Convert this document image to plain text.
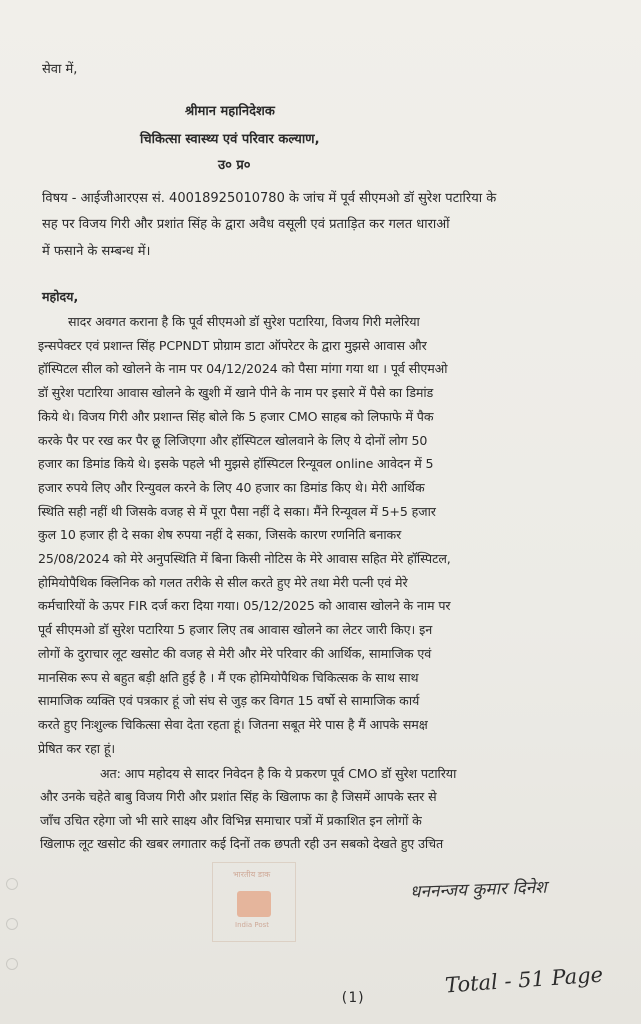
सेवा में,
श्रीमान महानिदेशक
चिकित्सा स्वास्थ्य एवं परिवार कल्याण,
उ० प्र०
विषय - आईजीआरएस सं. 40018925010780 के जांच में पूर्व सीएमओ डॉ सुरेश पटारिया के
सह पर विजय गिरी और प्रशांत सिंह के द्वारा अवैध वसूली एवं प्रताड़ित कर गलत धाराओं
में फसाने के सम्बन्ध में।
महोदय,
सादर अवगत कराना है कि पूर्व सीएमओ डॉ सुरेश पटारिया, विजय गिरी मलेरिया
इन्सपेक्टर एवं प्रशान्त सिंह PCPNDT प्रोग्राम डाटा ऑपरेटर के द्वारा मुझसे आवास और
हॉस्पिटल सील को खोलने के नाम पर 04/12/2024 को पैसा मांगा गया था । पूर्व सीएमओ
डॉ सुरेश पटारिया आवास खोलने के खुशी में खाने पीने के नाम पर इसारे में पैसे का डिमांड
किये थे। विजय गिरी और प्रशान्त सिंह बोले कि 5 हजार CMO साहब को लिफाफे में पैक
करके पैर पर रख कर पैर छू लिजिएगा और हॉस्पिटल खोलवाने के लिए ये दोनों लोग 50
हजार का डिमांड किये थे। इसके पहले भी मुझसे हॉस्पिटल रिन्यूवल online आवेदन में 5
हजार रुपये लिए और रिन्युवल करने के लिए 40 हजार का डिमांड किए थे। मेरी आर्थिक
स्थिति सही नहीं थी जिसके वजह से में पूरा पैसा नहीं दे सका। मैंने रिन्यूवल में 5+5 हजार
कुल 10 हजार ही दे सका शेष रुपया नहीं दे सका, जिसके कारण रणनिति बनाकर
25/08/2024 को मेरे अनुपस्थिति में बिना किसी नोटिस के मेरे आवास सहित मेरे हॉस्पिटल,
होमियोपैथिक क्लिनिक को गलत तरीके से सील करते हुए मेरे तथा मेरी पत्नी एवं मेरे
कर्मचारियों के ऊपर FIR दर्ज करा दिया गया। 05/12/2025 को आवास खोलने के नाम पर
पूर्व सीएमओ डॉ सुरेश पटारिया 5 हजार लिए तब आवास खोलने का लेटर जारी किए। इन
लोगों के दुराचार लूट खसोट की वजह से मेरी और मेरे परिवार की आर्थिक, सामाजिक एवं
मानसिक रूप से बहुत बड़ी क्षति हुई है । मैं एक होमियोपैथिक चिकित्सक के साथ साथ
सामाजिक व्यक्ति एवं पत्रकार हूं जो संघ से जुड़ कर विगत 15 वर्षो से सामाजिक कार्य
करते हुए निःशुल्क चिकित्सा सेवा देता रहता हूं। जितना सबूत मेरे पास है मैं आपके समक्ष
प्रेषित कर रहा हूं।
अत: आप महोदय से सादर निवेदन है कि ये प्रकरण पूर्व CMO डॉ सुरेश पटारिया
और उनके चहेते बाबु विजय गिरी और प्रशांत सिंह के खिलाफ का है जिसमें आपके स्तर से
जाँच उचित रहेगा जो भी सारे साक्ष्य और विभिन्न समाचार पत्रों में प्रकाशित इन लोगों के
खिलाफ लूट खसोट की खबर लगातार कई दिनों तक छपती रही उन सबको देखते हुए उचित
भारतीय डाक
India Post
धननन्जय कुमार दिनेश
(1)
Total - 51 Page
